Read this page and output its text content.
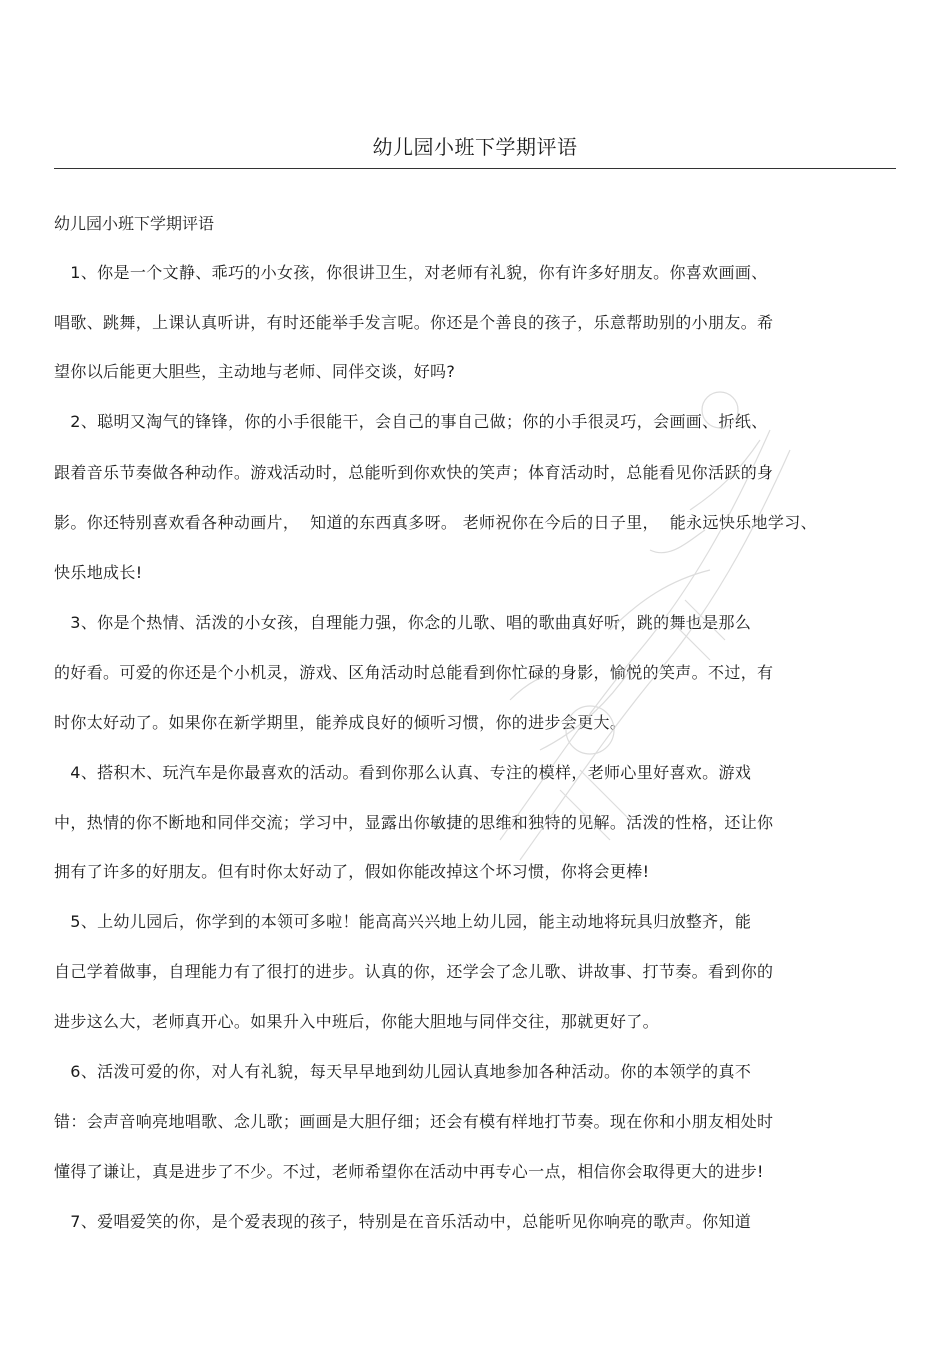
幼儿园小班下学期评语
幼儿园小班下学期评语
1、你是一个文静、乖巧的小女孩，你很讲卫生，对老师有礼貌，你有许多好朋友。你喜欢画画、
唱歌、跳舞，上课认真听讲，有时还能举手发言呢。你还是个善良的孩子，乐意帮助别的小朋友。希
望你以后能更大胆些，主动地与老师、同伴交谈，好吗?
2、聪明又淘气的锋锋，你的小手很能干，会自己的事自己做；你的小手很灵巧，会画画、折纸、
跟着音乐节奏做各种动作。游戏活动时，总能听到你欢快的笑声；体育活动时，总能看见你活跃的身
影。你还特别喜欢看各种动画片，  知道的东西真多呀。 老师祝你在今后的日子里，  能永远快乐地学习、
快乐地成长!
3、你是个热情、活泼的小女孩，自理能力强，你念的儿歌、唱的歌曲真好听，跳的舞也是那么
的好看。可爱的你还是个小机灵，游戏、区角活动时总能看到你忙碌的身影，愉悦的笑声。不过，有
时你太好动了。如果你在新学期里，能养成良好的倾听习惯，你的进步会更大。
4、搭积木、玩汽车是你最喜欢的活动。看到你那么认真、专注的模样，老师心里好喜欢。游戏
中，热情的你不断地和同伴交流；学习中，显露出你敏捷的思维和独特的见解。活泼的性格，还让你
拥有了许多的好朋友。但有时你太好动了，假如你能改掉这个坏习惯，你将会更棒!
5、上幼儿园后，你学到的本领可多啦！能高高兴兴地上幼儿园，能主动地将玩具归放整齐，能
自己学着做事，自理能力有了很打的进步。认真的你，还学会了念儿歌、讲故事、打节奏。看到你的
进步这么大，老师真开心。如果升入中班后，你能大胆地与同伴交往，那就更好了。
6、活泼可爱的你，对人有礼貌，每天早早地到幼儿园认真地参加各种活动。你的本领学的真不
错：会声音响亮地唱歌、念儿歌；画画是大胆仔细；还会有模有样地打节奏。现在你和小朋友相处时
懂得了谦让，真是进步了不少。不过，老师希望你在活动中再专心一点，相信你会取得更大的进步!
7、爱唱爱笑的你，是个爱表现的孩子，特别是在音乐活动中，总能听见你响亮的歌声。你知道
